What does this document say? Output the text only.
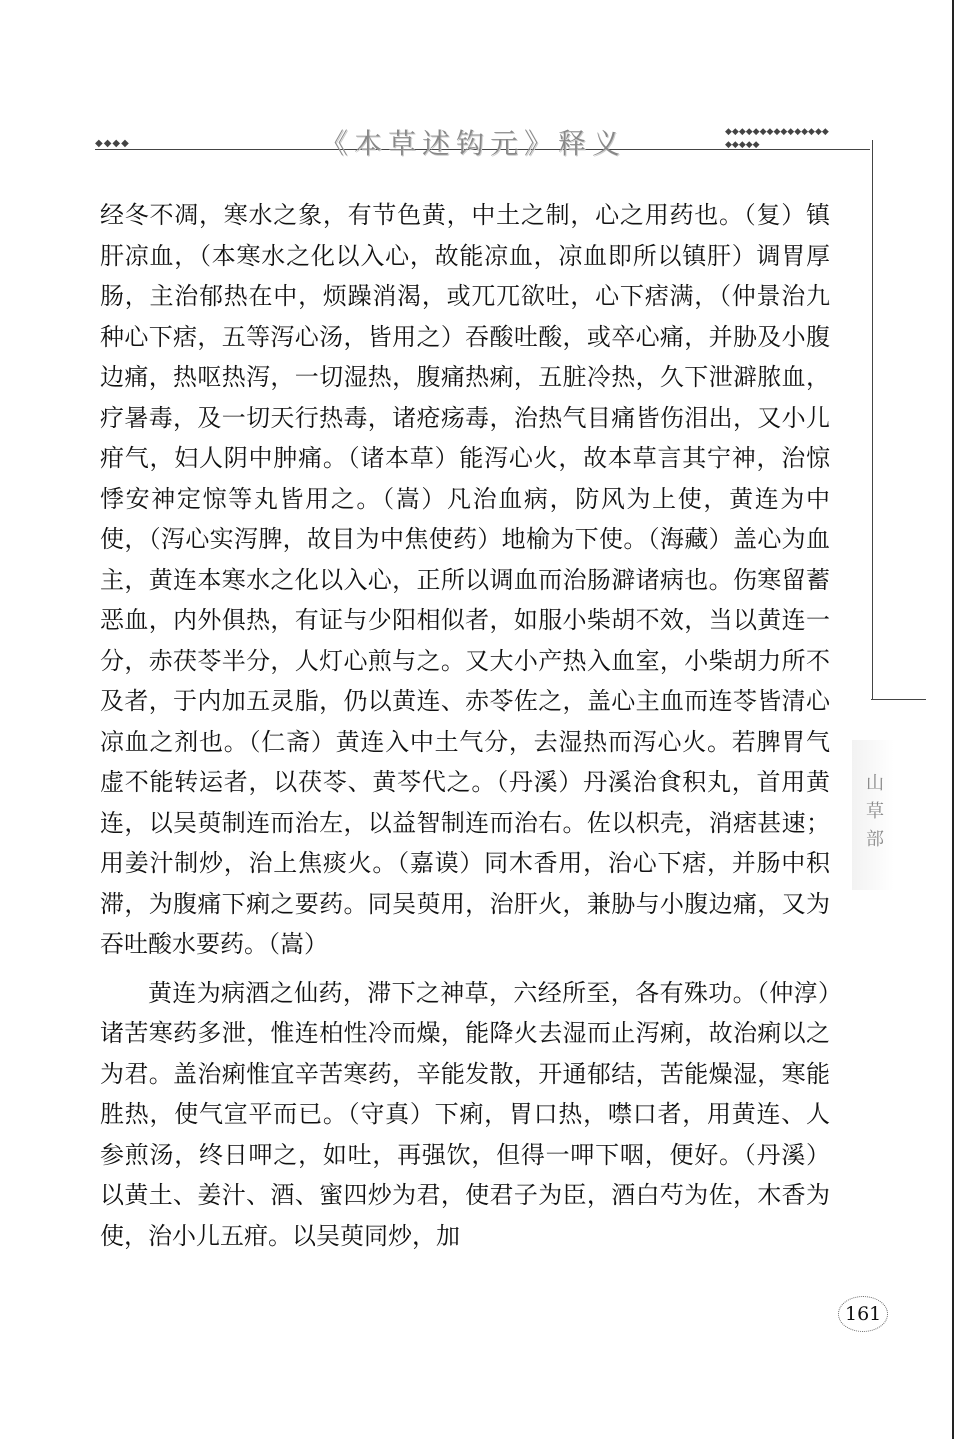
◆◆◆◆	《本草述钩元》释义	◆◆◆◆◆◆◆◆◆◆◆◆◆◆◆◆◆◆◆◆
山草部

经冬不凋，寒水之象，有节色黄，中土之制，心之用药也。（复）镇肝凉血，（本寒水之化以入心，故能凉血，凉血即所以镇肝）调胃厚肠，主治郁热在中，烦躁消渴，或兀兀欲吐，心下痞满，（仲景治九种心下痞，五等泻心汤，皆用之）吞酸吐酸，或卒心痛，并胁及小腹边痛，热呕热泻，一切湿热，腹痛热痢，五脏冷热，久下泄澼脓血，疗暑毒，及一切天行热毒，诸疮疡毒，治热气目痛皆伤泪出，又小儿疳气，妇人阴中肿痛。（诸本草）能泻心火，故本草言其宁神，治惊悸安神定惊等丸皆用之。（嵩）凡治血病，防风为上使，黄连为中使，（泻心实泻脾，故目为中焦使药）地榆为下使。（海藏）盖心为血主，黄连本寒水之化以入心，正所以调血而治肠澼诸病也。伤寒留蓄恶血，内外俱热，有证与少阳相似者，如服小柴胡不效，当以黄连一分，赤茯苓半分，人灯心煎与之。又大小产热入血室，小柴胡力所不及者，于内加五灵脂，仍以黄连、赤苓佐之，盖心主血而连苓皆清心凉血之剂也。（仁斋）黄连入中土气分，去湿热而泻心火。若脾胃气虚不能转运者，以茯苓、黄芩代之。（丹溪）丹溪治食积丸，首用黄连，以吴萸制连而治左，以益智制连而治右。佐以枳壳，消痞甚速；用姜汁制炒，治上焦痰火。（嘉谟）同木香用，治心下痞，并肠中积滞，为腹痛下痢之要药。同吴萸用，治肝火，兼胁与小腹边痛，又为吞吐酸水要药。（嵩）

黄连为病酒之仙药，滞下之神草，六经所至，各有殊功。（仲淳）诸苦寒药多泄，惟连柏性冷而燥，能降火去湿而止泻痢，故治痢以之为君。盖治痢惟宜辛苦寒药，辛能发散，开通郁结，苦能燥湿，寒能胜热，使气宣平而已。（守真）下痢，胃口热，噤口者，用黄连、人参煎汤，终日呷之，如吐，再强饮，但得一呷下咽，便好。（丹溪）以黄土、姜汁、酒、蜜四炒为君，使君子为臣，酒白芍为佐，木香为使，治小儿五疳。以吴萸同炒，加

161
